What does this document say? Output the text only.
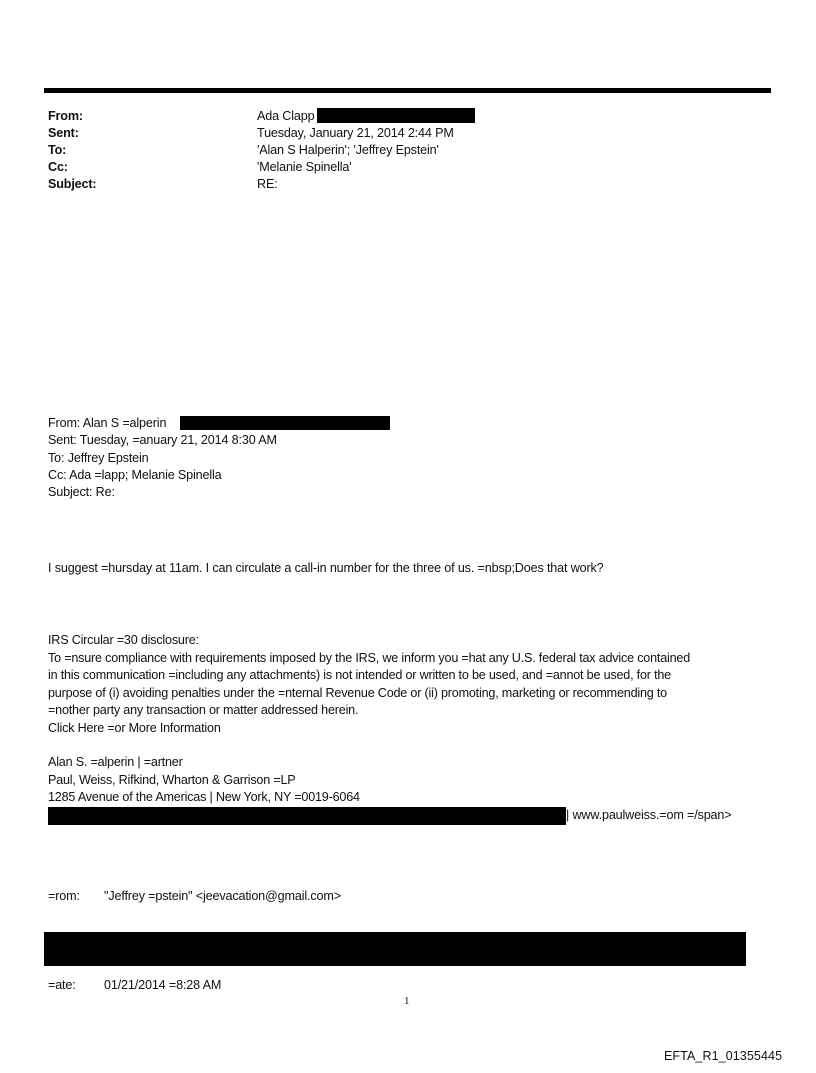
From:	Ada Clapp
Sent:	Tuesday, January 21, 2014 2:44 PM
To:	'Alan S Halperin'; 'Jeffrey Epstein'
Cc:	'Melanie Spinella'
Subject:	RE:
From: Alan S =alperin
Sent: Tuesday, =anuary 21, 2014 8:30 AM
To: Jeffrey Epstein
Cc: Ada =lapp; Melanie Spinella
Subject: Re:
I suggest =hursday at 11am. I can circulate a call-in number for the three of us. =nbsp;Does that work?
IRS Circular =30 disclosure:
To =nsure compliance with requirements imposed by the IRS, we inform you =hat any U.S. federal tax advice contained
in this communication =including any attachments) is not intended or written to be used, and =annot be used, for the
purpose of (i) avoiding penalties under the =nternal Revenue Code or (ii) promoting, marketing or recommending to
=nother party any transaction or matter addressed herein.
Click Here =or More Information
Alan S. =alperin | =artner
Paul, Weiss, Rifkind, Wharton & Garrison =LP
1285 Avenue of the Americas | New York, NY =0019-6064
| www.paulweiss.=om =/span>
=rom: "Jeffrey =pstein" <jeevacation@gmail.com>
=ate: 01/21/2014 =8:28 AM
1
EFTA_R1_01355445
